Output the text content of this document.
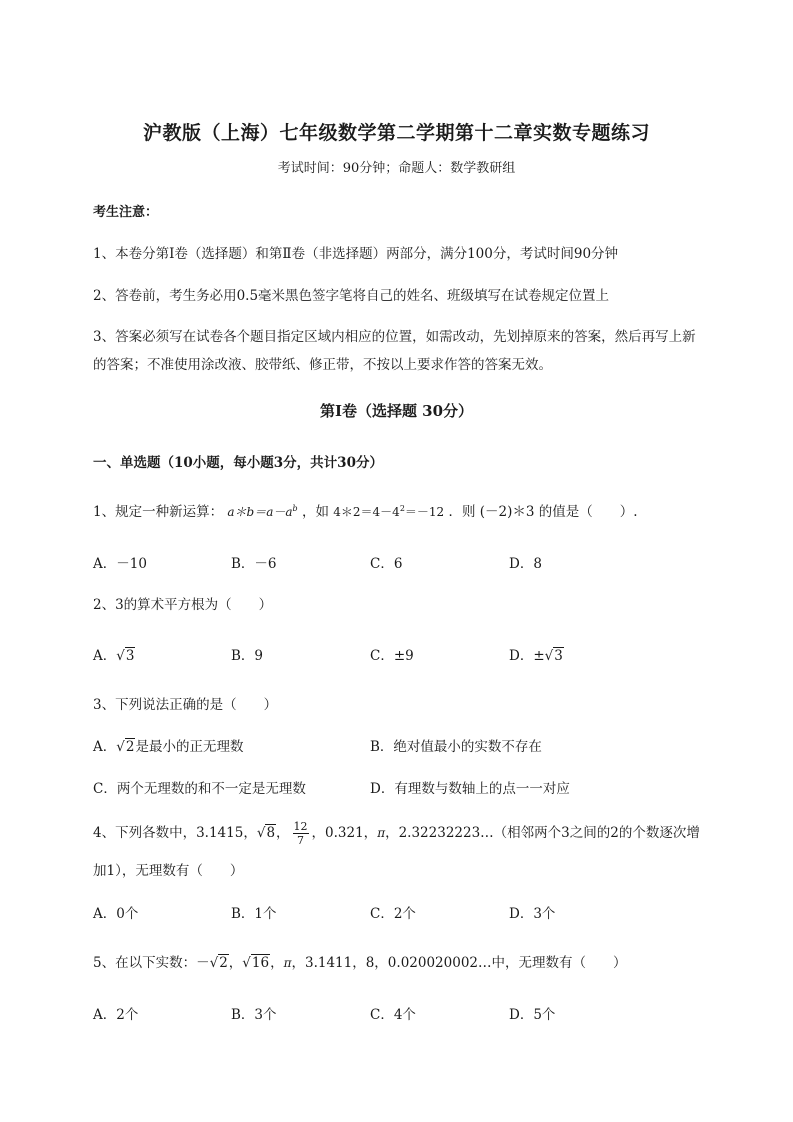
沪教版（上海）七年级数学第二学期第十二章实数专题练习
考试时间：90分钟；命题人：数学教研组
考生注意：
1、本卷分第I卷（选择题）和第Ⅱ卷（非选择题）两部分，满分100分，考试时间90分钟
2、答卷前，考生务必用0.5毫米黑色签字笔将自己的姓名、班级填写在试卷规定位置上
3、答案必须写在试卷各个题目指定区域内相应的位置，如需改动，先划掉原来的答案，然后再写上新
的答案；不准使用涂改液、胶带纸、修正带，不按以上要求作答的答案无效。
第I卷（选择题 30分）
一、单选题（10小题，每小题3分，共计30分）
1、规定一种新运算： $a*b=a-a^b$ ，如 $4*2=4-4^2=-12$ ．则 (－2)＊3 的值是（　　）.
A．－10	B．－6	C．6	D．8
2、3的算术平方根为（　　）
A．√3	B．9	C．±9	D．±√3
3、下列说法正确的是（　　）
A．√2是最小的正无理数	B．绝对值最小的实数不存在
C．两个无理数的和不一定是无理数	D．有理数与数轴上的点一一对应
4、下列各数中，3.1415，√8， $\frac{12}{7}$ ，0.321，π，2.32232223…（相邻两个3之间的2的个数逐次增
加1），无理数有（　　）
A．0个	B．1个	C．2个	D．3个
5、在以下实数：－√2，√16，π，3.1411，8，0.020020002…中，无理数有（　　）
A．2个	B．3个	C．4个	D．5个
